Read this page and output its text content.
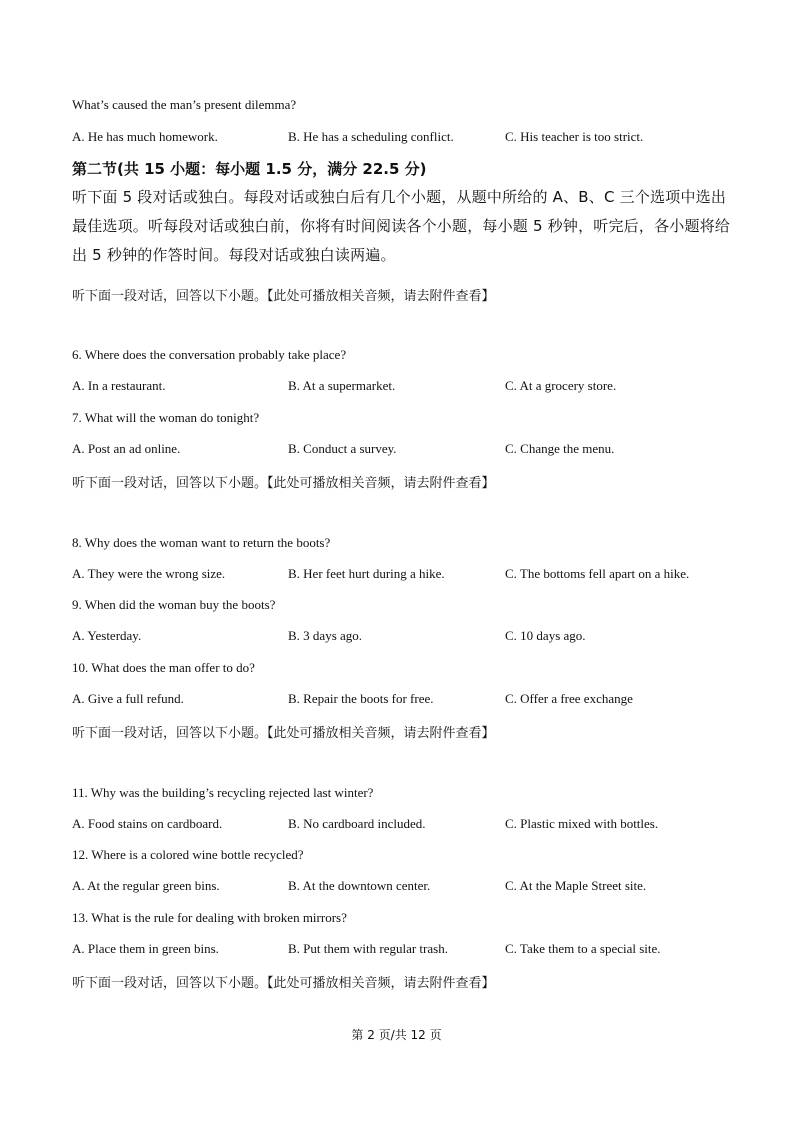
What’s caused the man’s present dilemma?
A. He has much homework.	B. He has a scheduling conflict.	C. His teacher is too strict.
第二节(共 15 小题：每小题 1.5 分，满分 22.5 分)
听下面 5 段对话或独白。每段对话或独白后有几个小题，从题中所给的 A、B、C 三个选项中选出最佳选项。听每段对话或独白前，你将有时间阅读各个小题，每小题 5 秒钟，听完后，各小题将给出 5 秒钟的作答时间。每段对话或独白读两遍。
听下面一段对话，回答以下小题。【此处可播放相关音频，请去附件查看】
6. Where does the conversation probably take place?
A. In a restaurant.	B. At a supermarket.	C. At a grocery store.
7. What will the woman do tonight?
A. Post an ad online.	B. Conduct a survey.	C. Change the menu.
听下面一段对话，回答以下小题。【此处可播放相关音频，请去附件查看】
8. Why does the woman want to return the boots?
A. They were the wrong size.	B. Her feet hurt during a hike.	C. The bottoms fell apart on a hike.
9. When did the woman buy the boots?
A. Yesterday.	B. 3 days ago.	C. 10 days ago.
10. What does the man offer to do?
A. Give a full refund.	B. Repair the boots for free.	C. Offer a free exchange
听下面一段对话，回答以下小题。【此处可播放相关音频，请去附件查看】
11. Why was the building’s recycling rejected last winter?
A. Food stains on cardboard.	B. No cardboard included.	C. Plastic mixed with bottles.
12. Where is a colored wine bottle recycled?
A. At the regular green bins.	B. At the downtown center.	C. At the Maple Street site.
13. What is the rule for dealing with broken mirrors?
A. Place them in green bins.	B. Put them with regular trash.	C. Take them to a special site.
听下面一段对话，回答以下小题。【此处可播放相关音频，请去附件查看】
第 2 页/共 12 页
